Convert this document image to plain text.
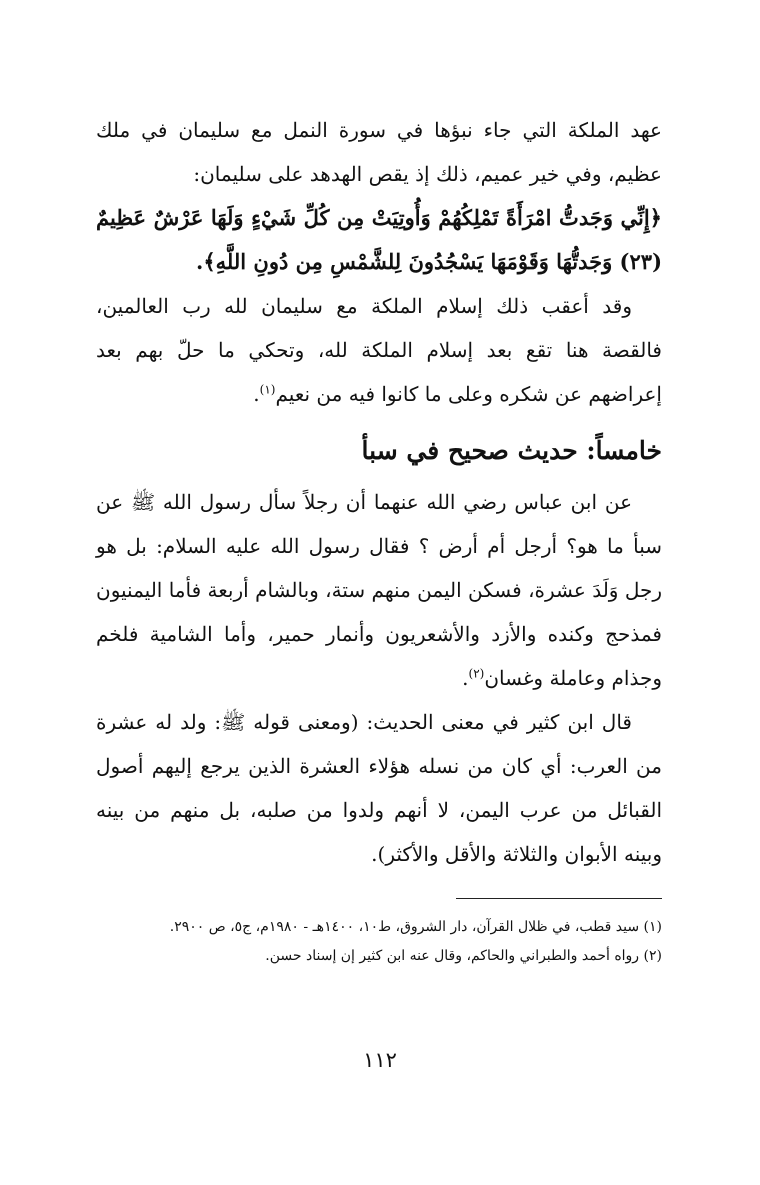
عهد الملكة التي جاء نبؤها في سورة النمل مع سليمان في ملك عظيم، وفي خير عميم، ذلك إذ يقص الهدهد على سليمان:

﴿إِنِّي وَجَدتُّ امْرَأَةً تَمْلِكُهُمْ وَأُوتِيَتْ مِن كُلِّ شَيْءٍ وَلَهَا عَرْشٌ عَظِيمٌ (٢٣) وَجَدتُّهَا وَقَوْمَهَا يَسْجُدُونَ لِلشَّمْسِ مِن دُونِ اللَّهِ﴾.

وقد أعقب ذلك إسلام الملكة مع سليمان لله رب العالمين، فالقصة هنا تقع بعد إسلام الملكة لله، وتحكي ما حلّ بهم بعد إعراضهم عن شكره وعلى ما كانوا فيه من نعيم$^{(١)}$.

خامساً: حديث صحيح في سبأ

عن ابن عباس رضي الله عنهما أن رجلاً سأل رسول الله ﷺ عن سبأ ما هو؟ أرجل أم أرض ؟ فقال رسول الله عليه السلام: بل هو رجل وَلَدَ عشرة، فسكن اليمن منهم ستة، وبالشام أربعة فأما اليمنيون فمذحج وكنده والأزد والأشعريون وأنمار حمير، وأما الشامية فلخم وجذام وعاملة وغسان$^{(٢)}$.

قال ابن كثير في معنى الحديث: (ومعنى قوله ﷺ: ولد له عشرة من العرب: أي كان من نسله هؤلاء العشرة الذين يرجع إليهم أصول القبائل من عرب اليمن، لا أنهم ولدوا من صلبه، بل منهم من بينه وبينه الأبوان والثلاثة والأقل والأكثر).

(١) سيد قطب، في ظلال القرآن، دار الشروق، ط١٠، ١٤٠٠هـ - ١٩٨٠م، ج٥، ص ٢٩٠٠.

(٢) رواه أحمد والطبراني والحاكم، وقال عنه ابن كثير إن إسناد حسن.

١١٢
